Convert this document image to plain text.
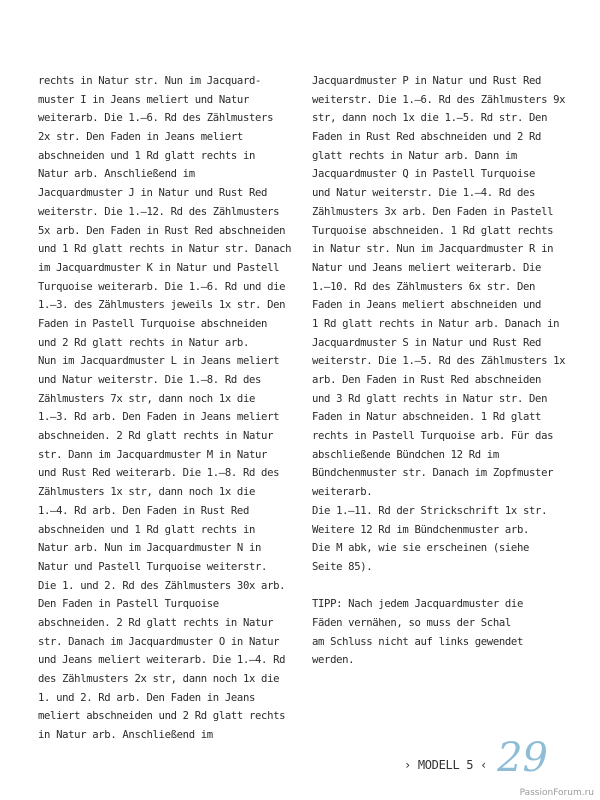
rechts in Natur str. Nun im Jacquard-
muster I in Jeans meliert und Natur
weiterarb. Die 1.–6. Rd des Zählmusters
2x str. Den Faden in Jeans meliert
abschneiden und 1 Rd glatt rechts in
Natur arb. Anschließend im
Jacquardmuster J in Natur und Rust Red
weiterstr. Die 1.–12. Rd des Zählmusters
5x arb. Den Faden in Rust Red abschneiden
und 1 Rd glatt rechts in Natur str. Danach
im Jacquardmuster K in Natur und Pastell
Turquoise weiterarb. Die 1.–6. Rd und die
1.–3. des Zählmusters jeweils 1x str. Den
Faden in Pastell Turquoise abschneiden
und 2 Rd glatt rechts in Natur arb.
Nun im Jacquardmuster L in Jeans meliert
und Natur weiterstr. Die 1.–8. Rd des
Zählmusters 7x str, dann noch 1x die
1.–3. Rd arb. Den Faden in Jeans meliert
abschneiden. 2 Rd glatt rechts in Natur
str. Dann im Jacquardmuster M in Natur
und Rust Red weiterarb. Die 1.–8. Rd des
Zählmusters 1x str, dann noch 1x die
1.–4. Rd arb. Den Faden in Rust Red
abschneiden und 1 Rd glatt rechts in
Natur arb. Nun im Jacquardmuster N in
Natur und Pastell Turquoise weiterstr.
Die 1. und 2. Rd des Zählmusters 30x arb.
Den Faden in Pastell Turquoise
abschneiden. 2 Rd glatt rechts in Natur
str. Danach im Jacquardmuster O in Natur
und Jeans meliert weiterarb. Die 1.–4. Rd
des Zählmusters 2x str, dann noch 1x die
1. und 2. Rd arb. Den Faden in Jeans
meliert abschneiden und 2 Rd glatt rechts
in Natur arb. Anschließend im
Jacquardmuster P in Natur und Rust Red
weiterstr. Die 1.–6. Rd des Zählmusters 9x
str, dann noch 1x die 1.–5. Rd str. Den
Faden in Rust Red abschneiden und 2 Rd
glatt rechts in Natur arb. Dann im
Jacquardmuster Q in Pastell Turquoise
und Natur weiterstr. Die 1.–4. Rd des
Zählmusters 3x arb. Den Faden in Pastell
Turquoise abschneiden. 1 Rd glatt rechts
in Natur str. Nun im Jacquardmuster R in
Natur und Jeans meliert weiterarb. Die
1.–10. Rd des Zählmusters 6x str. Den
Faden in Jeans meliert abschneiden und
1 Rd glatt rechts in Natur arb. Danach in
Jacquardmuster S in Natur und Rust Red
weiterstr. Die 1.–5. Rd des Zählmusters 1x
arb. Den Faden in Rust Red abschneiden
und 3 Rd glatt rechts in Natur str. Den
Faden in Natur abschneiden. 1 Rd glatt
rechts in Pastell Turquoise arb. Für das
abschließende Bündchen 12 Rd im
Bündchenmuster str. Danach im Zopfmuster
weiterarb.
Die 1.–11. Rd der Strickschrift 1x str.
Weitere 12 Rd im Bündchenmuster arb.
Die M abk, wie sie erscheinen (siehe
Seite 85).
TIPP: Nach jedem Jacquardmuster die
Fäden vernähen, so muss der Schal
am Schluss nicht auf links gewendet
werden.
› MODELL 5 ‹ 29
PassionForum.ru
